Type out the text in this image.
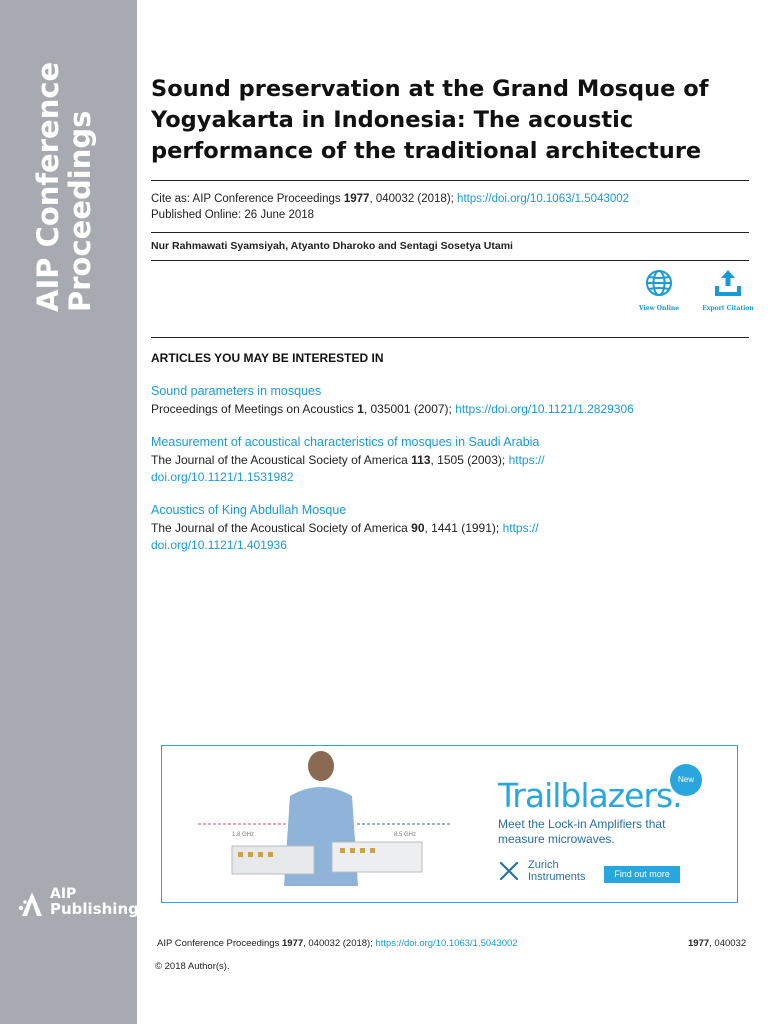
AIP Conference
Proceedings
AIP
Publishing
Sound preservation at the Grand Mosque of Yogyakarta in Indonesia: The acoustic performance of the traditional architecture
Cite as: AIP Conference Proceedings 1977, 040032 (2018); https://doi.org/10.1063/1.5043002
Published Online: 26 June 2018
Nur Rahmawati Syamsiyah, Atyanto Dharoko and Sentagi Sosetya Utami
View Online	Export Citation
ARTICLES YOU MAY BE INTERESTED IN
Sound parameters in mosques
Proceedings of Meetings on Acoustics 1, 035001 (2007); https://doi.org/10.1121/1.2829306
Measurement of acoustical characteristics of mosques in Saudi Arabia
The Journal of the Acoustical Society of America 113, 1505 (2003); https://
doi.org/10.1121/1.1531982
Acoustics of King Abdullah Mosque
The Journal of the Acoustical Society of America 90, 1441 (1991); https://
doi.org/10.1121/1.401936
1.8 GHz	8.5 GHz
New
Trailblazers.
Meet the Lock-in Amplifiers that
measure microwaves.
Zurich
Instruments	Find out more
AIP Conference Proceedings 1977, 040032 (2018); https://doi.org/10.1063/1.5043002	1977, 040032
© 2018 Author(s).
